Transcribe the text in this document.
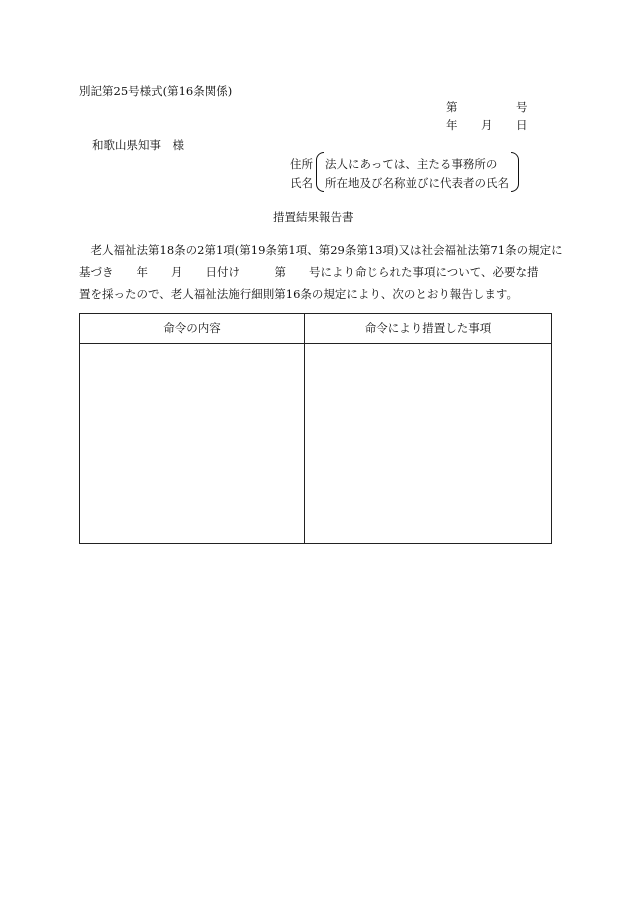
別記第25号様式(第16条関係)
第	号
年 月 日
和歌山県知事　様
住所
氏名
法人にあっては、主たる事務所の
所在地及び名称並びに代表者の氏名
措置結果報告書
　老人福祉法第18条の2第1項(第19条第1項、第29条第13項)又は社会福祉法第71条の規定に
基づき　　年　　月　　日付け　　　第　　号により命じられた事項について、必要な措
置を採ったので、老人福祉法施行細則第16条の規定により、次のとおり報告します。
命令の内容	命令により措置した事項
